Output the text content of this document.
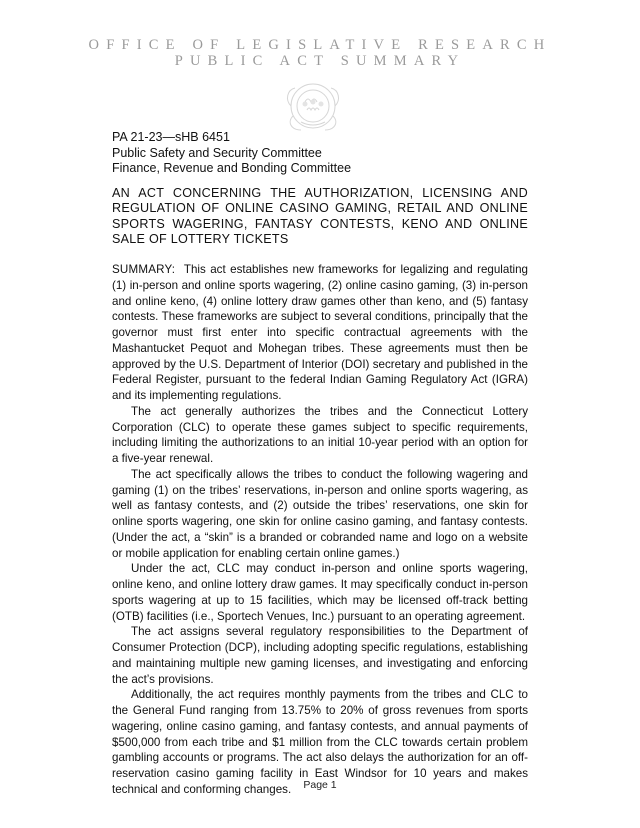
OFFICE OF LEGISLATIVE RESEARCH
PUBLIC ACT SUMMARY
PA 21-23—sHB 6451
Public Safety and Security Committee
Finance, Revenue and Bonding Committee
AN ACT CONCERNING THE AUTHORIZATION, LICENSING AND REGULATION OF ONLINE CASINO GAMING, RETAIL AND ONLINE SPORTS WAGERING, FANTASY CONTESTS, KENO AND ONLINE SALE OF LOTTERY TICKETS

SUMMARY: This act establishes new frameworks for legalizing and regulating (1) in-person and online sports wagering, (2) online casino gaming, (3) in-person and online keno, (4) online lottery draw games other than keno, and (5) fantasy contests. These frameworks are subject to several conditions, principally that the governor must first enter into specific contractual agreements with the Mashantucket Pequot and Mohegan tribes. These agreements must then be approved by the U.S. Department of Interior (DOI) secretary and published in the Federal Register, pursuant to the federal Indian Gaming Regulatory Act (IGRA) and its implementing regulations.

The act generally authorizes the tribes and the Connecticut Lottery Corporation (CLC) to operate these games subject to specific requirements, including limiting the authorizations to an initial 10-year period with an option for a five-year renewal.

The act specifically allows the tribes to conduct the following wagering and gaming (1) on the tribes’ reservations, in-person and online sports wagering, as well as fantasy contests, and (2) outside the tribes’ reservations, one skin for online sports wagering, one skin for online casino gaming, and fantasy contests. (Under the act, a “skin” is a branded or cobranded name and logo on a website or mobile application for enabling certain online games.)

Under the act, CLC may conduct in-person and online sports wagering, online keno, and online lottery draw games. It may specifically conduct in-person sports wagering at up to 15 facilities, which may be licensed off-track betting (OTB) facilities (i.e., Sportech Venues, Inc.) pursuant to an operating agreement.

The act assigns several regulatory responsibilities to the Department of Consumer Protection (DCP), including adopting specific regulations, establishing and maintaining multiple new gaming licenses, and investigating and enforcing the act’s provisions.

Additionally, the act requires monthly payments from the tribes and CLC to the General Fund ranging from 13.75% to 20% of gross revenues from sports wagering, online casino gaming, and fantasy contests, and annual payments of $500,000 from each tribe and $1 million from the CLC towards certain problem gambling accounts or programs. The act also delays the authorization for an off-reservation casino gaming facility in East Windsor for 10 years and makes technical and conforming changes.	Page 1
